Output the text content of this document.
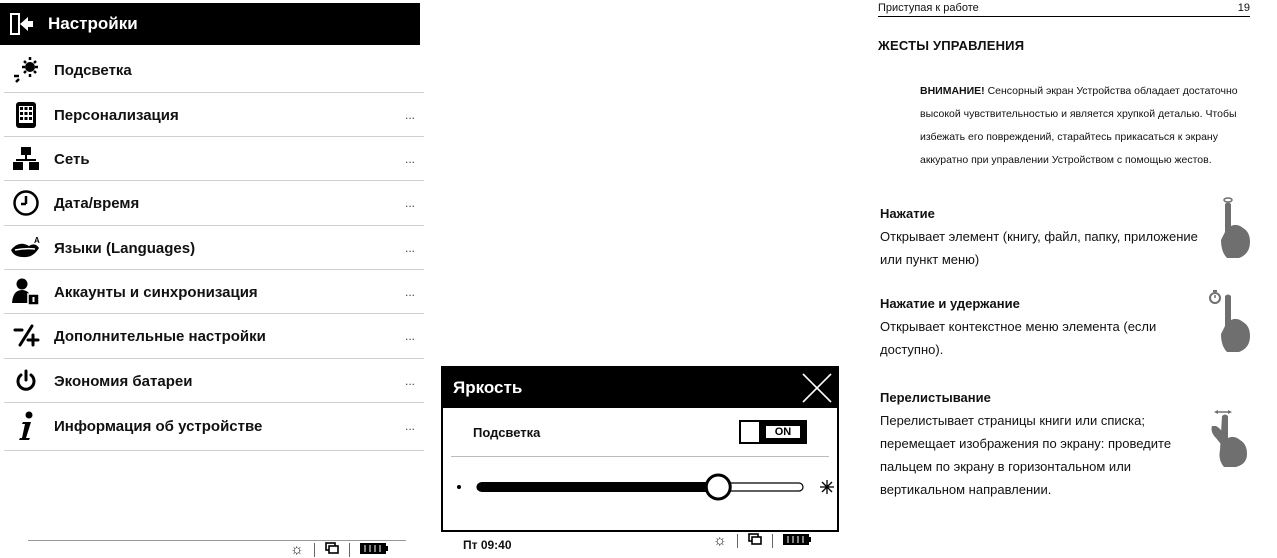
Настройки
Подсветка
Персонализация	...
Сеть	...
Дата/время	...
A Языки (Languages)	...
Аккаунты и синхронизация	...
Дополнительные настройки	...
Экономия батареи	...
Информация об устройстве	...
☼
Яркость
Подсветка	ON
Пт 09:40	☼
Приступая к работе	19
ЖЕСТЫ УПРАВЛЕНИЯ
ВНИМАНИЕ! Сенсорный экран Устройства обладает достаточно высокой чувствительностью и является хрупкой деталью. Чтобы избежать его повреждений, старайтесь прикасаться к экрану аккуратно при управлении Устройством с помощью жестов.
Нажатие
Открывает элемент (книгу, файл, папку, приложение или пункт меню)
Нажатие и удержание
Открывает контекстное меню элемента (если доступно).
Перелистывание
Перелистывает страницы книги или списка; перемещает изображения по экрану: проведите пальцем по экрану в горизонтальном или вертикальном направлении.
